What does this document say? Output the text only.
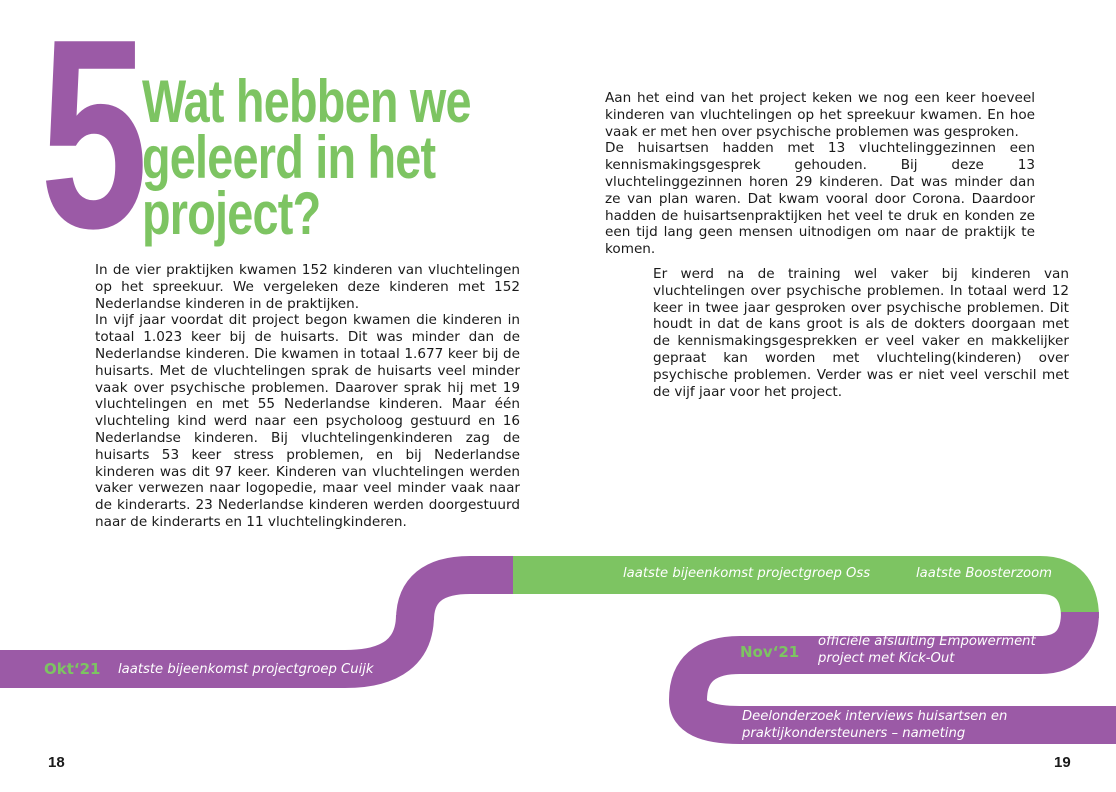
5
Wat hebben we
geleerd in het
project?

In de vier praktijken kwamen 152 kinderen van vluchtelingen op het spreekuur. We vergeleken deze kinderen met 152 Nederlandse kinderen in de praktijken.

In vijf jaar voordat dit project begon kwamen die kinderen in totaal 1.023 keer bij de huisarts. Dit was minder dan de Nederlandse kinderen. Die kwamen in totaal 1.677 keer bij de huisarts. Met de vluchtelingen sprak de huisarts veel minder vaak over psychische problemen. Daarover sprak hij met 19 vluchtelingen en met 55 Nederlandse kinderen. Maar één vluchteling kind werd naar een psycholoog gestuurd en 16 Nederlandse kinderen. Bij vluchtelingenkinderen zag de huisarts 53 keer stress problemen, en bij Nederlandse kinderen was dit 97 keer. Kinderen van vluchtelingen werden vaker verwezen naar logopedie, maar veel minder vaak naar de kinderarts. 23 Nederlandse kinderen werden doorgestuurd naar de kinderarts en 11 vluchtelingkinderen.

Aan het eind van het project keken we nog een keer hoeveel kinderen van vluchtelingen op het spreekuur kwamen. En hoe vaak er met hen over psychische problemen was gesproken.

De huisartsen hadden met 13 vluchtelinggezinnen een kennismakingsgesprek gehouden. Bij deze 13 vluchtelinggezinnen horen 29 kinderen. Dat was minder dan ze van plan waren. Dat kwam vooral door Corona. Daardoor hadden de huisartsenpraktijken het veel te druk en konden ze een tijd lang geen mensen uitnodigen om naar de praktijk te komen.

Er werd na de training wel vaker bij kinderen van vluchtelingen over psychische problemen. In totaal werd 12 keer in twee jaar gesproken over psychische problemen. Dit houdt in dat de kans groot is als de dokters doorgaan met de kennismakingsgesprekken er veel vaker en makkelijker gepraat kan worden met vluchteling(kinderen) over psychische problemen. Verder was er niet veel verschil met de vijf jaar voor het project.

Okt‘21 laatste bijeenkomst projectgroep Cuijk
laatste bijeenkomst projectgroep Oss	laatste Boosterzoom
Nov‘21
officiële afsluiting Empowerment
project met Kick-Out
Deelonderzoek interviews huisartsen en
praktijkondersteuners – nameting
18	19
